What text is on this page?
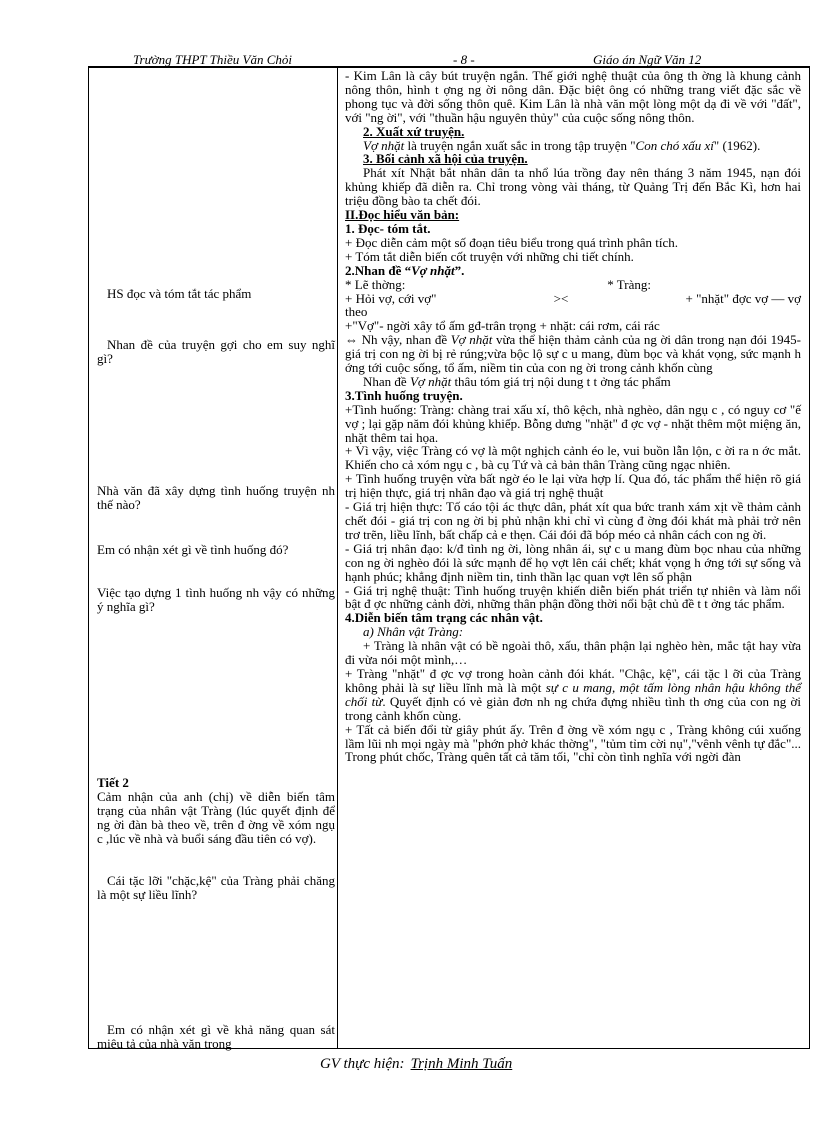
Trường THPT Thiều Văn Chỏi	- 8 -	Giáo án Ngữ Văn 12
HS đọc và tóm tắt tác phẩm
Nhan đề của truyện gợi cho em suy nghĩ gì?
Nhà văn đã xây dựng tình huống truyện nh thế nào?
Em có nhận xét gì về tình huống đó?
Việc tạo dựng 1 tình huống nh vậy có những ý nghĩa gì?
Tiết 2
Cảm nhận của anh (chị) về diễn biến tâm trạng của nhân vật Tràng (lúc quyết định để ng ời đàn bà theo về, trên đ ờng về xóm ngụ c ,lúc về nhà và buổi sáng đầu tiên có vợ).
Cái tặc lỡi "chặc,kệ" của Tràng phải chăng là một sự liều lĩnh?
Em có nhận xét gì về khả năng quan sát miêu tả của nhà văn trong

- Kim Lân là cây bút truyện ngắn. Thế giới nghệ thuật của ông th ờng là khung cảnh nông thôn, hình t ợng ng ời nông dân. Đặc biệt ông có những trang viết đặc sắc về phong tục và đời sống thôn quê. Kim Lân là nhà văn một lòng một dạ đi về với "đất", với "ng ời", với "thuần hậu nguyên thủy" của cuộc sống nông thôn.

2. Xuất xứ truyện.

Vợ nhặt là truyện ngắn xuất sắc in trong tập truyện "Con chó xấu xí" (1962).

3. Bối cảnh xã hội của truyện.

Phát xít Nhật bắt nhân dân ta nhổ lúa trồng đay nên tháng 3 năm 1945, nạn đói khủng khiếp đã diễn ra. Chỉ trong vòng vài tháng, từ Quảng Trị đến Bắc Kì, hơn hai triệu đồng bào ta chết đói.

II.Đọc hiểu văn bản:

1. Đọc- tóm tắt.

+ Đọc diễn cảm một số đoạn tiêu biểu trong quá trình phân tích.

+ Tóm tắt diễn biến cốt truyện với những chi tiết chính.

2.Nhan đề “Vợ nhặt”.

* Lẽ thờng:	* Tràng:
+ Hỏi vợ, cới vợ"	><	+ "nhặt" đợc vợ — vợ

theo

+"Vợ"- ngời xây tổ ấm gđ-trân trọng + nhặt: cái rơm, cái rác

⇔ Nh vậy, nhan đề Vợ nhặt vừa thể hiện thảm cảnh của ng ời dân trong nạn đói 1945- giá trị con ng ời bị rẻ rúng;vừa bộc lộ sự c u mang, đùm bọc và khát vọng, sức mạnh h ớng tới cuộc sống, tổ ấm, niềm tin của con ng ời trong cảnh khốn cùng

Nhan đề Vợ nhặt thâu tóm giá trị nội dung t t ởng tác phẩm

3.Tình huống truyện.

+Tình huống: Tràng: chàng trai xấu xí, thô kệch, nhà nghèo, dân ngụ c , có nguy cơ "ế vợ ; lại gặp năm đói khủng khiếp. Bỗng dưng "nhặt" đ ợc vợ - nhặt thêm một miệng ăn, nhặt thêm tai họa.

+ Vì vậy, việc Tràng có vợ là một nghịch cảnh éo le, vui buồn lẫn lộn, c ời ra n ớc mắt. Khiến cho cả xóm ngụ c , bà cụ Tứ và cả bản thân Tràng cũng ngạc nhiên.

+ Tình huống truyện vừa bất ngờ éo le lại vừa hợp lí. Qua đó, tác phẩm thể hiện rõ giá trị hiện thực, giá trị nhân đạo và giá trị nghệ thuật

- Giá trị hiện thực: Tố cáo tội ác thực dân, phát xít qua bức tranh xám xịt về thảm cảnh chết đói - giá trị con ng ời bị phủ nhận khi chỉ vì cùng đ ờng đói khát mà phải trở nên trơ trẽn, liều lĩnh, bất chấp cả e thẹn. Cái đói đã bóp méo cả nhân cách con ng ời.

- Giá trị nhân đạo: k/đ tình ng ời, lòng nhân ái, sự c u mang đùm bọc nhau của những con ng ời nghèo đói là sức mạnh để họ vợt lên cái chết; khát vọng h ớng tới sự sống và hạnh phúc; khẳng định niềm tin, tinh thần lạc quan vợt lên số phận

- Giá trị nghệ thuật: Tình huống truyện khiến diễn biến phát triển tự nhiên và làm nổi bật đ ợc những cảnh đời, những thân phận đồng thời nổi bật chủ đề t t ởng tác phẩm.

4.Diễn biến tâm trạng các nhân vật.

a) Nhân vật Tràng:

+ Tràng là nhân vật có bề ngoài thô, xấu, thân phận lại nghèo hèn, mắc tật hay vừa đi vừa nói một mình,…

+ Tràng "nhặt" đ ợc vợ trong hoàn cảnh đói khát. "Chậc, kệ", cái tặc l ỡi của Tràng không phải là sự liều lĩnh mà là một sự c u mang, một tấm lòng nhân hậu không thể chối từ. Quyết định có vẻ giản đơn nh ng chứa đựng nhiều tình th ơng của con ng ời trong cảnh khốn cùng.

+ Tất cả biến đổi từ giây phút ấy. Trên đ ờng về xóm ngụ c , Tràng không cúi xuống lầm lũi nh mọi ngày mà "phớn phở khác thờng", "tủm tỉm cời nụ","vênh vênh tự đắc"... Trong phút chốc, Tràng quên tất cả tăm tối, "chỉ còn tình nghĩa với ngời đàn

GV thực hiện: Trịnh Minh Tuấn
